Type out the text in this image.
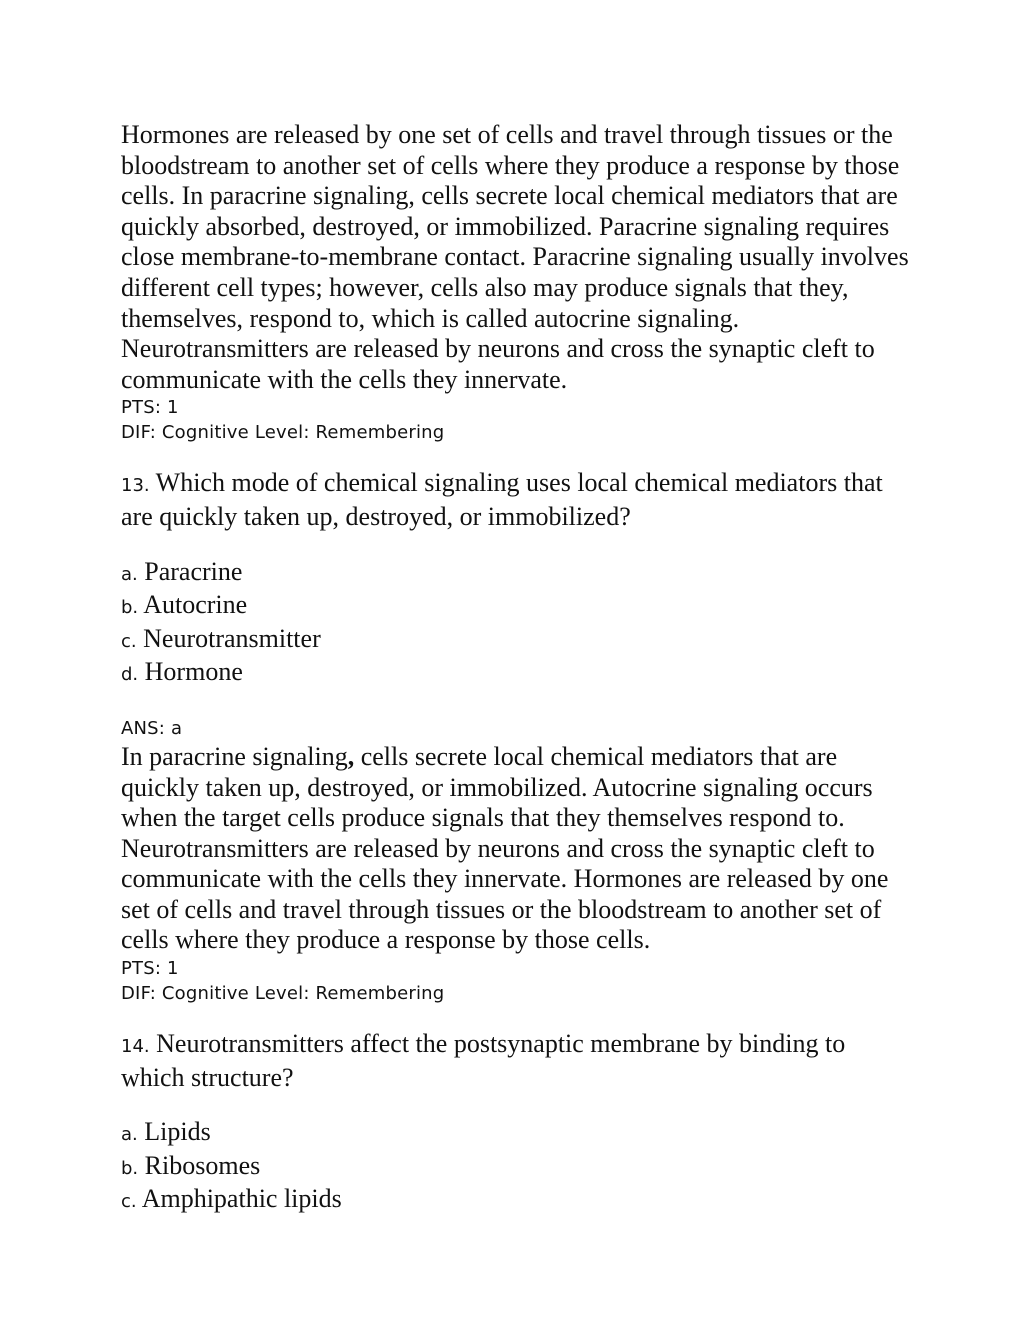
Hormones are released by one set of cells and travel through tissues or the bloodstream to another set of cells where they produce a response by those cells. In paracrine signaling, cells secrete local chemical mediators that are quickly absorbed, destroyed, or immobilized. Paracrine signaling requires close membrane-to-membrane contact. Paracrine signaling usually involves different cell types; however, cells also may produce signals that they, themselves, respond to, which is called autocrine signaling. Neurotransmitters are released by neurons and cross the synaptic cleft to communicate with the cells they innervate.
PTS: 1
DIF: Cognitive Level: Remembering
13. Which mode of chemical signaling uses local chemical mediators that are quickly taken up, destroyed, or immobilized?
a. Paracrine
b. Autocrine
c. Neurotransmitter
d. Hormone
ANS: a
In paracrine signaling, cells secrete local chemical mediators that are quickly taken up, destroyed, or immobilized. Autocrine signaling occurs when the target cells produce signals that they themselves respond to. Neurotransmitters are released by neurons and cross the synaptic cleft to communicate with the cells they innervate. Hormones are released by one set of cells and travel through tissues or the bloodstream to another set of cells where they produce a response by those cells.
PTS: 1
DIF: Cognitive Level: Remembering
14. Neurotransmitters affect the postsynaptic membrane by binding to which structure?
a. Lipids
b. Ribosomes
c. Amphipathic lipids
